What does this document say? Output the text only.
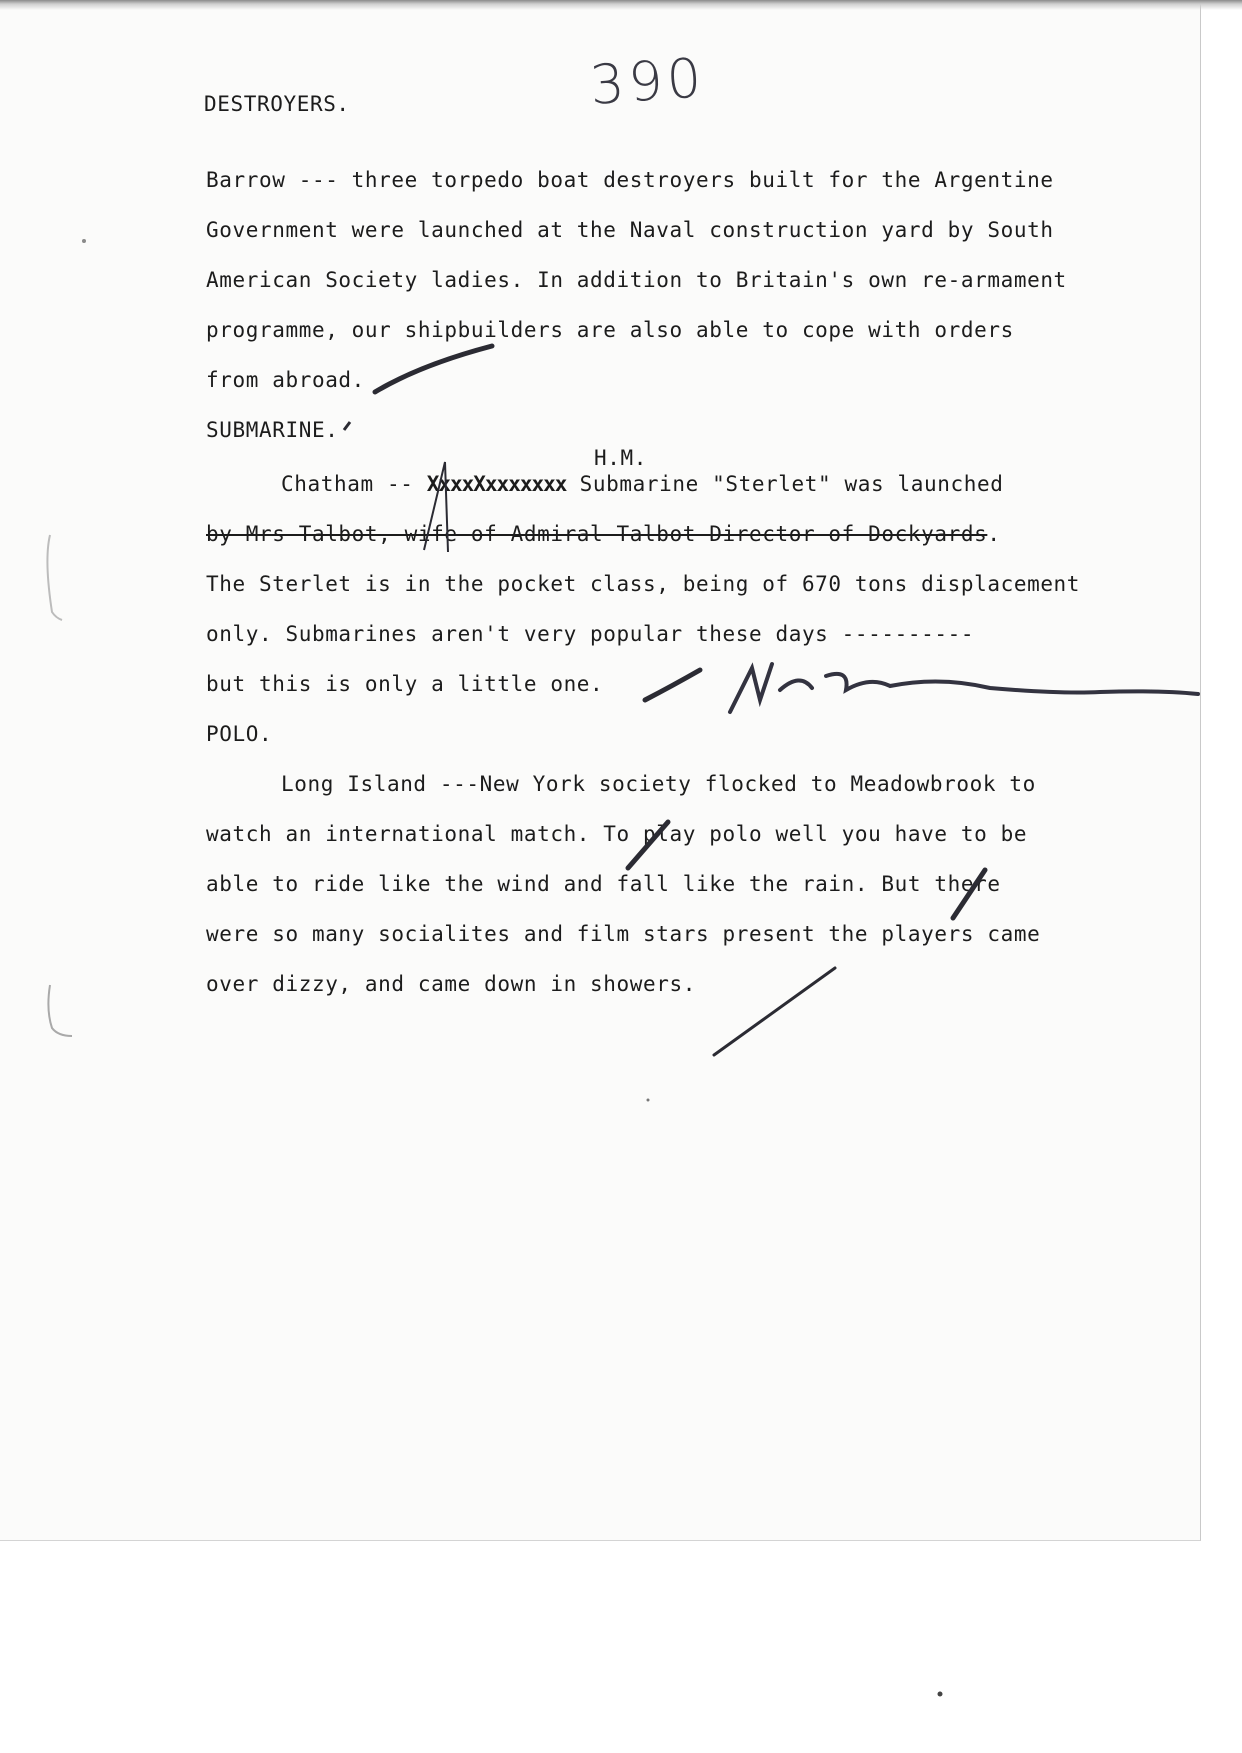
390
DESTROYERS.
Barrow --- three torpedo boat destroyers built for the Argentine
Government were launched at the Naval construction yard by South
American Society ladies. In addition to Britain's own re-armament
programme, our shipbuilders are also able to cope with orders
from abroad.
SUBMARINE.
H.M.
Chatham -- XxxxXxxxxxxx Submarine "Sterlet" was launched
by Mrs Talbot, wife of Admiral Talbot Director of Dockyards.
The Sterlet is in the pocket class, being of 670 tons displacement
only. Submarines aren't very popular these days ----------
but this is only a little one.
POLO.
Long Island ---New York society flocked to Meadowbrook to
watch an international match. To play polo well you have to be
able to ride like the wind and fall like the rain. But there
were so many socialites and film stars present the players came
over dizzy, and came down in showers.
